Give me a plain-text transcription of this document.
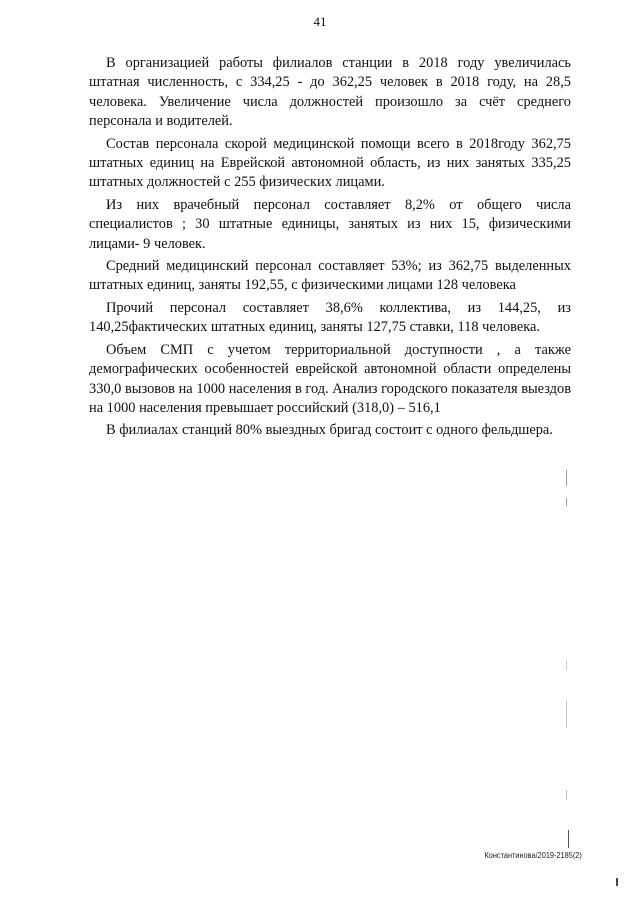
41

В организацией работы филиалов станции в 2018 году увеличилась штатная численность, с 334,25 - до 362,25 человек в 2018 году, на 28,5 человека. Увеличение числа должностей произошло за счёт среднего персонала и водителей.

Состав персонала скорой медицинской помощи всего в 2018году 362,75 штатных единиц на Еврейской автономной область, из них занятых 335,25 штатных должностей с 255 физических лицами.

Из них врачебный персонал составляет 8,2% от общего числа специалистов ; 30 штатные единицы, занятых из них 15, физическими лицами- 9 человек.

Средний медицинский персонал составляет 53%; из 362,75 выделенных штатных единиц, заняты 192,55, с физическими лицами 128 человека

Прочий персонал составляет 38,6% коллектива, из 144,25, из 140,25фактических штатных единиц, заняты 127,75 ставки, 118 человека.

Объем СМП с учетом территориальной доступности , а также демографических особенностей еврейской автономной области определены 330,0 вызовов на 1000 населения в год. Анализ городского показателя выездов на 1000 населения превышает российский (318,0) – 516,1

В филиалах станций 80% выездных бригад состоит с одного фельдшера.

Константинова/2019-2185(2)
